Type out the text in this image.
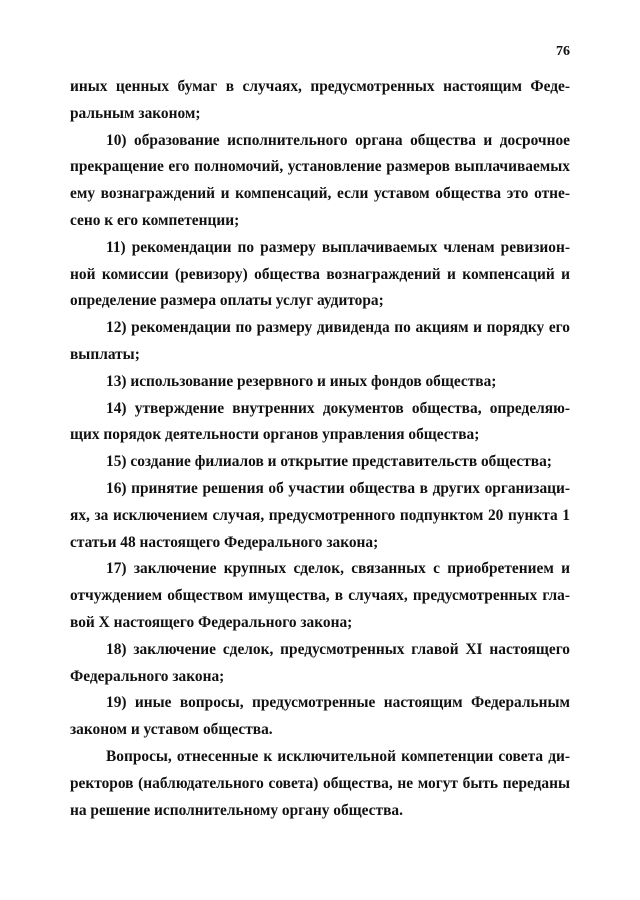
76

иных ценных бумаг в случаях, предусмотренных настоящим Феде-
ральным законом;

10) образование исполнительного органа общества и досрочное
прекращение его полномочий, установление размеров выплачиваемых
ему вознаграждений и компенсаций, если уставом общества это отне-
сено к его компетенции;

11) рекомендации по размеру выплачиваемых членам ревизион-
ной комиссии (ревизору) общества вознаграждений и компенсаций и
определение размера оплаты услуг аудитора;

12) рекомендации по размеру дивиденда по акциям и порядку его
выплаты;

13) использование резервного и иных фондов общества;

14) утверждение внутренних документов общества, определяю-
щих порядок деятельности органов управления общества;

15) создание филиалов и открытие представительств общества;

16) принятие решения об участии общества в других организаци-
ях, за исключением случая, предусмотренного подпунктом 20 пункта 1
статьи 48 настоящего Федерального закона;

17) заключение крупных сделок, связанных с приобретением и
отчуждением обществом имущества, в случаях, предусмотренных гла-
вой X настоящего Федерального закона;

18) заключение сделок, предусмотренных главой XI настоящего
Федерального закона;

19) иные вопросы, предусмотренные настоящим Федеральным
законом и уставом общества.

Вопросы, отнесенные к исключительной компетенции совета ди-
ректоров (наблюдательного совета) общества, не могут быть переданы
на решение исполнительному органу общества.
